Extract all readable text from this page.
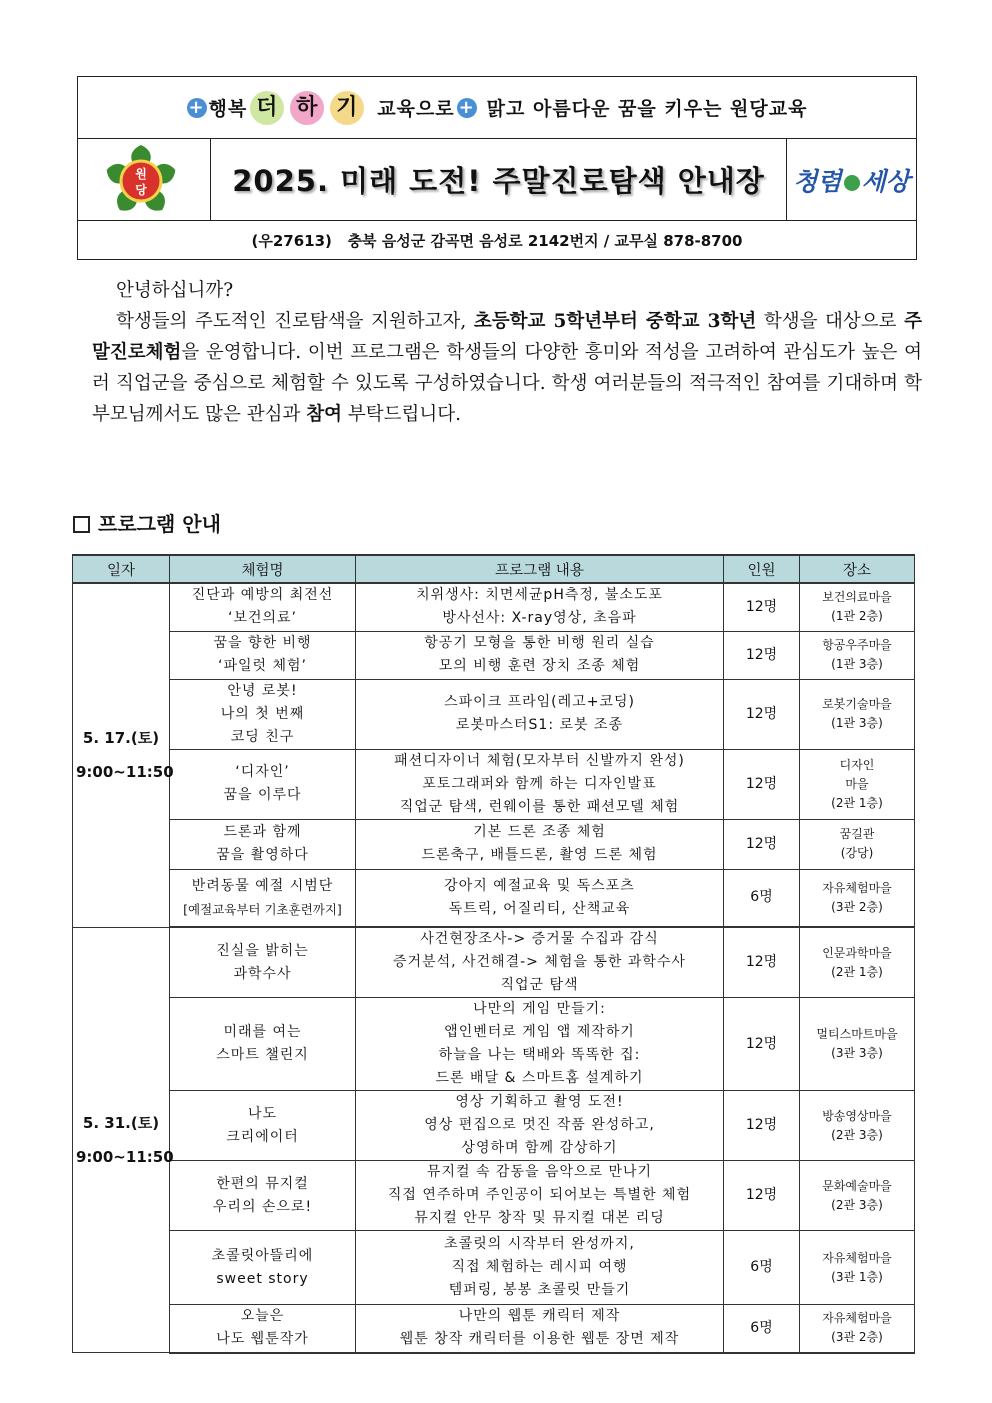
+ 행복 더 하 기 교육으로 + 맑고 아름다운 꿈을 키우는 원당교육
원
당	2025. 미래 도전! 주말진로탐색 안내장	청렴 세상
(우27613)   충북 음성군 감곡면 음성로 2142번지 / 교무실 878-8700
안녕하십니까?
학생들의 주도적인 진로탐색을 지원하고자, 초등학교 5학년부터 중학교 3학년 학생을 대상으로 주말진로체험을 운영합니다. 이번 프로그램은 학생들의 다양한 흥미와 적성을 고려하여 관심도가 높은 여러 직업군을 중심으로 체험할 수 있도록 구성하였습니다. 학생 여러분들의 적극적인 참여를 기대하며 학부모님께서도 많은 관심과 참여 부탁드립니다.
프로그램 안내
일자	체험명	프로그램 내용	인원	장소

5. 17.(토)
9:00~11:50	진단과 예방의 최전선
‘보건의료’	치위생사: 치면세균pH측정, 불소도포
방사선사: X-ray영상, 초음파	12명	보건의료마을
(1관 2층)

	꿈을 향한 비행
‘파일럿 체험’	항공기 모형을 통한 비행 원리 실습
모의 비행 훈련 장치 조종 체험	12명	항공우주마을
(1관 3층)

	안녕 로봇!
나의 첫 번째
코딩 친구	스파이크 프라임(레고+코딩)
로봇마스터S1: 로봇 조종	12명	로봇기술마을
(1관 3층)

	‘디자인’
꿈을 이루다	패션디자이너 체험(모자부터 신발까지 완성)
포토그래퍼와 함께 하는 디자인발표
직업군 탐색, 런웨이를 통한 패션모델 체험	12명	디자인
마을
(2관 1층)

	드론과 함께
꿈을 촬영하다	기본 드론 조종 체험
드론축구, 배틀드론, 촬영 드론 체험	12명	꿈길관
(강당)

	반려동물 예절 시범단
[예절교육부터 기초훈련까지]	강아지 예절교육 및 독스포츠
독트릭, 어질리티, 산책교육	6명	자유체험마을
(3관 2층)

5. 31.(토)
9:00~11:50	진실을 밝히는
과학수사	사건현장조사-> 증거물 수집과 감식
증거분석, 사건해결-> 체험을 통한 과학수사
직업군 탐색	12명	인문과학마을
(2관 1층)

	미래를 여는
스마트 챌린지	나만의 게임 만들기:
앱인벤터로 게임 앱 제작하기
하늘을 나는 택배와 똑똑한 집:
드론 배달 & 스마트홈 설계하기	12명	멀티스마트마을
(3관 3층)

	나도
크리에이터	영상 기획하고 촬영 도전!
영상 편집으로 멋진 작품 완성하고,
상영하며 함께 감상하기	12명	방송영상마을
(2관 3층)

	한편의 뮤지컬
우리의 손으로!	뮤지컬 속 감동을 음악으로 만나기
직접 연주하며 주인공이 되어보는 특별한 체험
뮤지컬 안무 창작 및 뮤지컬 대본 리딩	12명	문화예술마을
(2관 3층)

	초콜릿아뜰리에
sweet story	초콜릿의 시작부터 완성까지,
직접 체험하는 레시피 여행
템퍼링, 봉봉 초콜릿 만들기	6명	자유체험마을
(3관 1층)

	오늘은
나도 웹툰작가	나만의 웹툰 캐릭터 제작
웹툰 창작 캐릭터를 이용한 웹툰 장면 제작	6명	자유체험마을
(3관 2층)
